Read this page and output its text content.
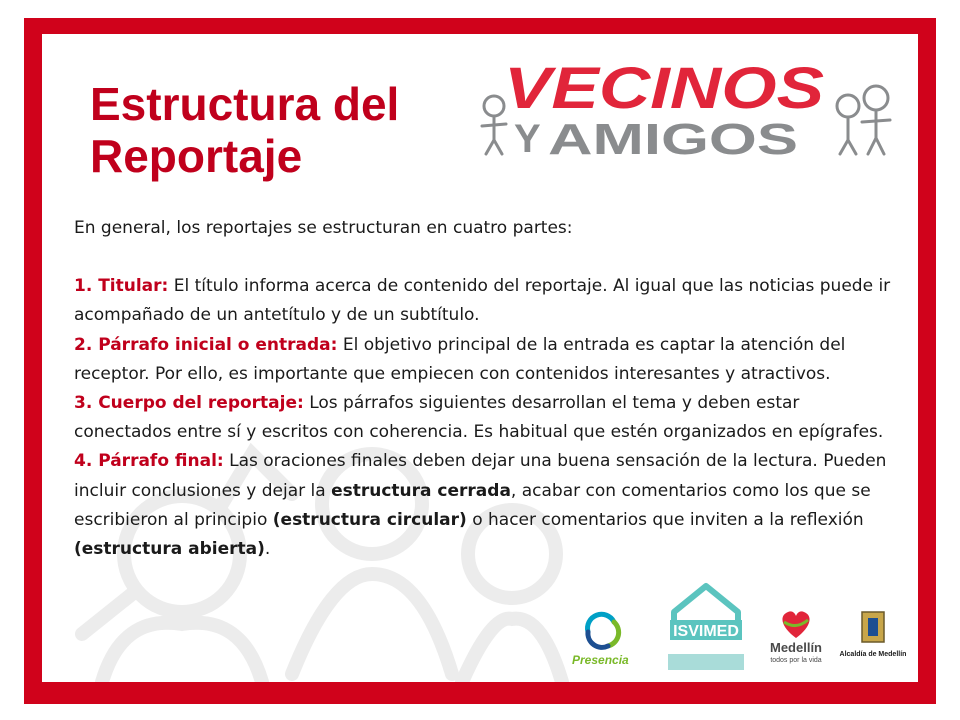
VECINOS
Y AMIGOS
Estructura del
Reportaje

En general, los reportajes se estructuran en cuatro partes:

1. Titular: El título informa acerca de contenido del reportaje. Al igual que las noticias puede ir acompañado de un antetítulo y de un subtítulo.

2. Párrafo inicial o entrada: El objetivo principal de la entrada es captar la atención del receptor. Por ello, es importante que empiecen con contenidos interesantes y atractivos.

3. Cuerpo del reportaje: Los párrafos siguientes desarrollan el tema y deben estar conectados entre sí y escritos con coherencia. Es habitual que estén organizados en epígrafes.

4. Párrafo final: Las oraciones finales deben dejar una buena sensación de la lectura. Pueden incluir conclusiones y dejar la estructura cerrada, acabar con comentarios como los que se escribieron al principio (estructura circular) o hacer comentarios que inviten a la reflexión
(estructura abierta).

Presencia
ISVIMED
Medellín
todos por la vida
Alcaldía de Medellín
